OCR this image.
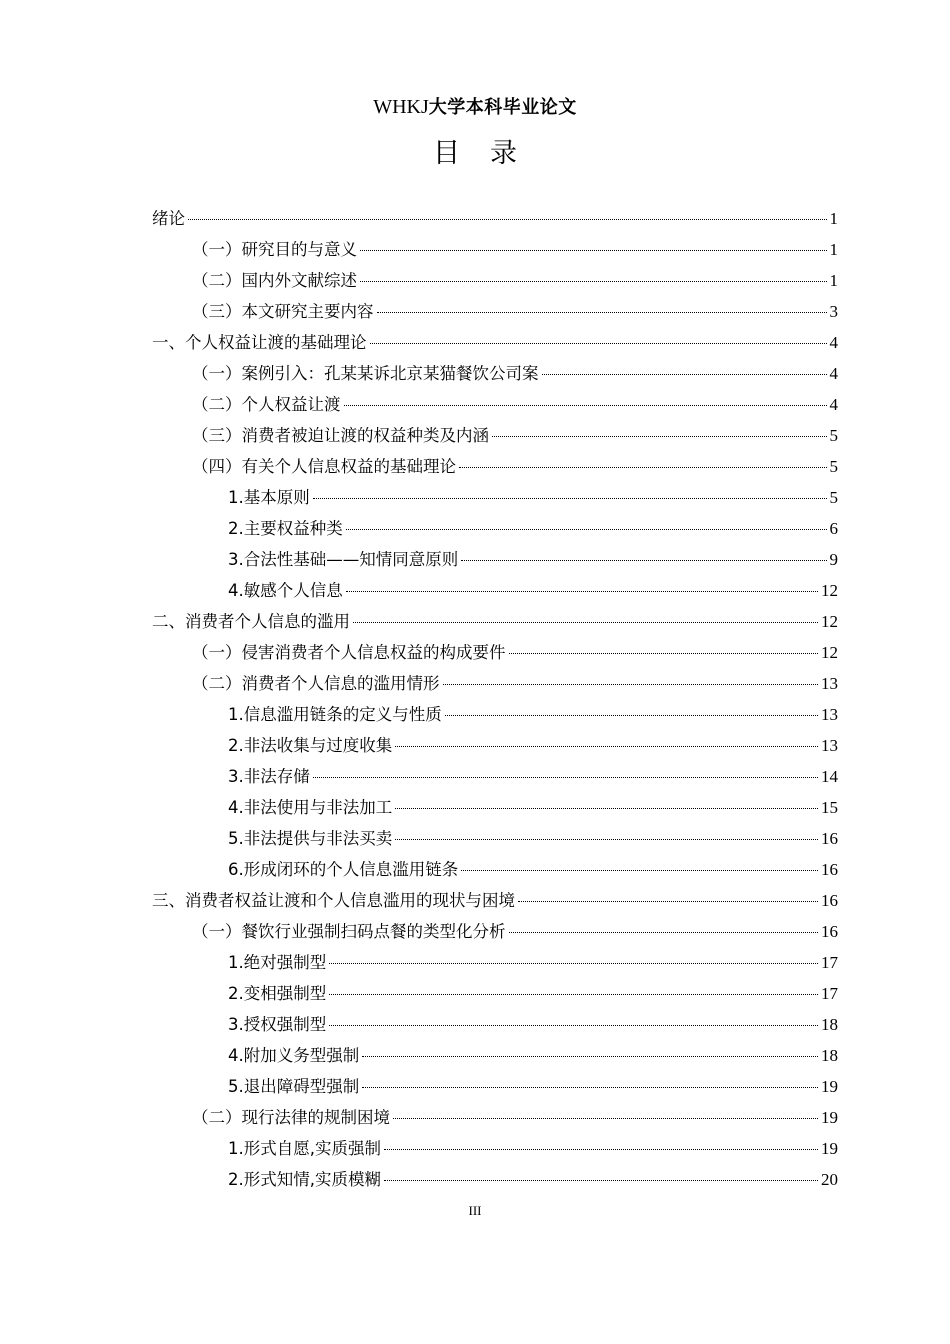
WHKJ大学本科毕业论文
目录
绪论	1
（一）研究目的与意义	1
（二）国内外文献综述	1
（三）本文研究主要内容	3
一、个人权益让渡的基础理论	4
（一）案例引入：孔某某诉北京某猫餐饮公司案	4
（二）个人权益让渡	4
（三）消费者被迫让渡的权益种类及内涵	5
（四）有关个人信息权益的基础理论	5
1.基本原则	5
2.主要权益种类	6
3.合法性基础——知情同意原则	9
4.敏感个人信息	12
二、消费者个人信息的滥用	12
（一）侵害消费者个人信息权益的构成要件	12
（二）消费者个人信息的滥用情形	13
1.信息滥用链条的定义与性质	13
2.非法收集与过度收集	13
3.非法存储	14
4.非法使用与非法加工	15
5.非法提供与非法买卖	16
6.形成闭环的个人信息滥用链条	16
三、消费者权益让渡和个人信息滥用的现状与困境	16
（一）餐饮行业强制扫码点餐的类型化分析	16
1.绝对强制型	17
2.变相强制型	17
3.授权强制型	18
4.附加义务型强制	18
5.退出障碍型强制	19
（二）现行法律的规制困境	19
1.形式自愿,实质强制	19
2.形式知情,实质模糊	20
III
